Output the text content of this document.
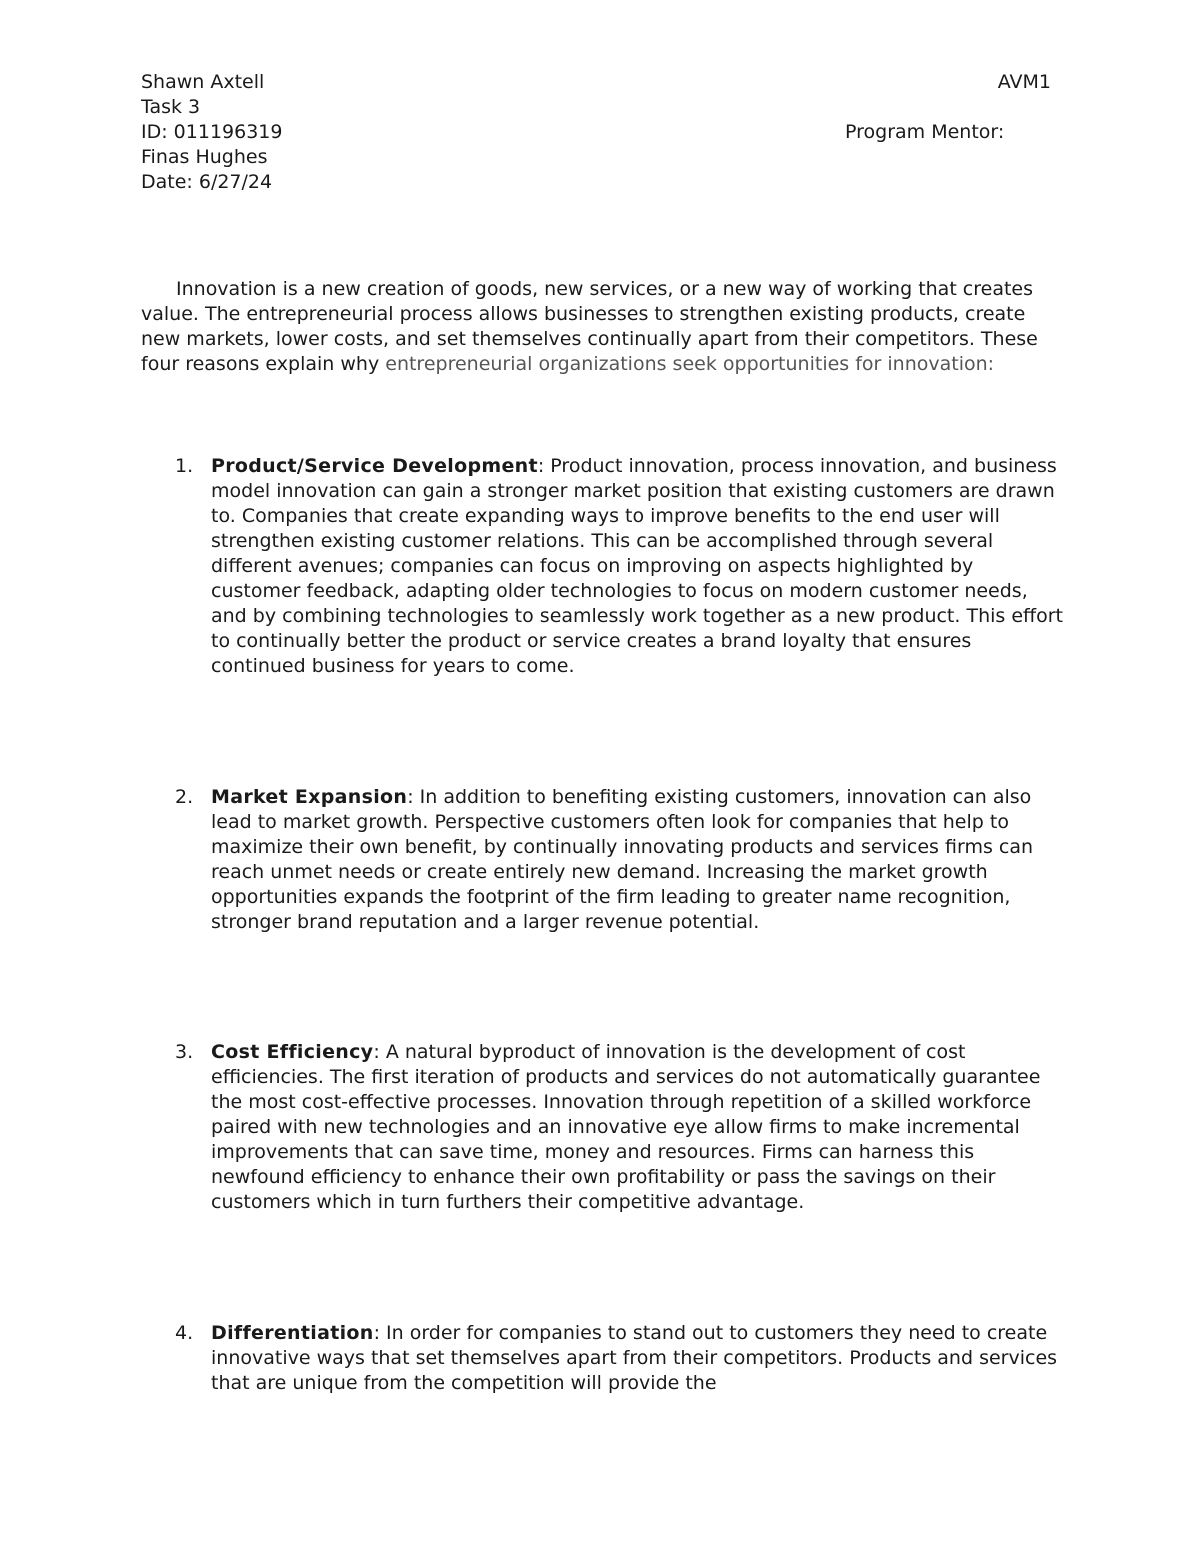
Shawn Axtell	AVM1
Task 3
ID: 011196319	Program Mentor:
Finas Hughes
Date: 6/27/24

Innovation is a new creation of goods, new services, or a new way of working that creates value. The entrepreneurial process allows businesses to strengthen existing products, create new markets, lower costs, and set themselves continually apart from their competitors. These four reasons explain why entrepreneurial organizations seek opportunities for innovation:

1. Product/Service Development: Product innovation, process innovation, and business model innovation can gain a stronger market position that existing customers are drawn to. Companies that create expanding ways to improve benefits to the end user will strengthen existing customer relations. This can be accomplished through several different avenues; companies can focus on improving on aspects highlighted by customer feedback, adapting older technologies to focus on modern customer needs, and by combining technologies to seamlessly work together as a new product. This effort to continually better the product or service creates a brand loyalty that ensures continued business for years to come.

2. Market Expansion: In addition to benefiting existing customers, innovation can also lead to market growth. Perspective customers often look for companies that help to maximize their own benefit, by continually innovating products and services firms can reach unmet needs or create entirely new demand. Increasing the market growth opportunities expands the footprint of the firm leading to greater name recognition, stronger brand reputation and a larger revenue potential.

3. Cost Efficiency: A natural byproduct of innovation is the development of cost efficiencies. The first iteration of products and services do not automatically guarantee the most cost-effective processes. Innovation through repetition of a skilled workforce paired with new technologies and an innovative eye allow firms to make incremental improvements that can save time, money and resources. Firms can harness this newfound efficiency to enhance their own profitability or pass the savings on their customers which in turn furthers their competitive advantage.

4. Differentiation: In order for companies to stand out to customers they need to create innovative ways that set themselves apart from their competitors. Products and services that are unique from the competition will provide the
